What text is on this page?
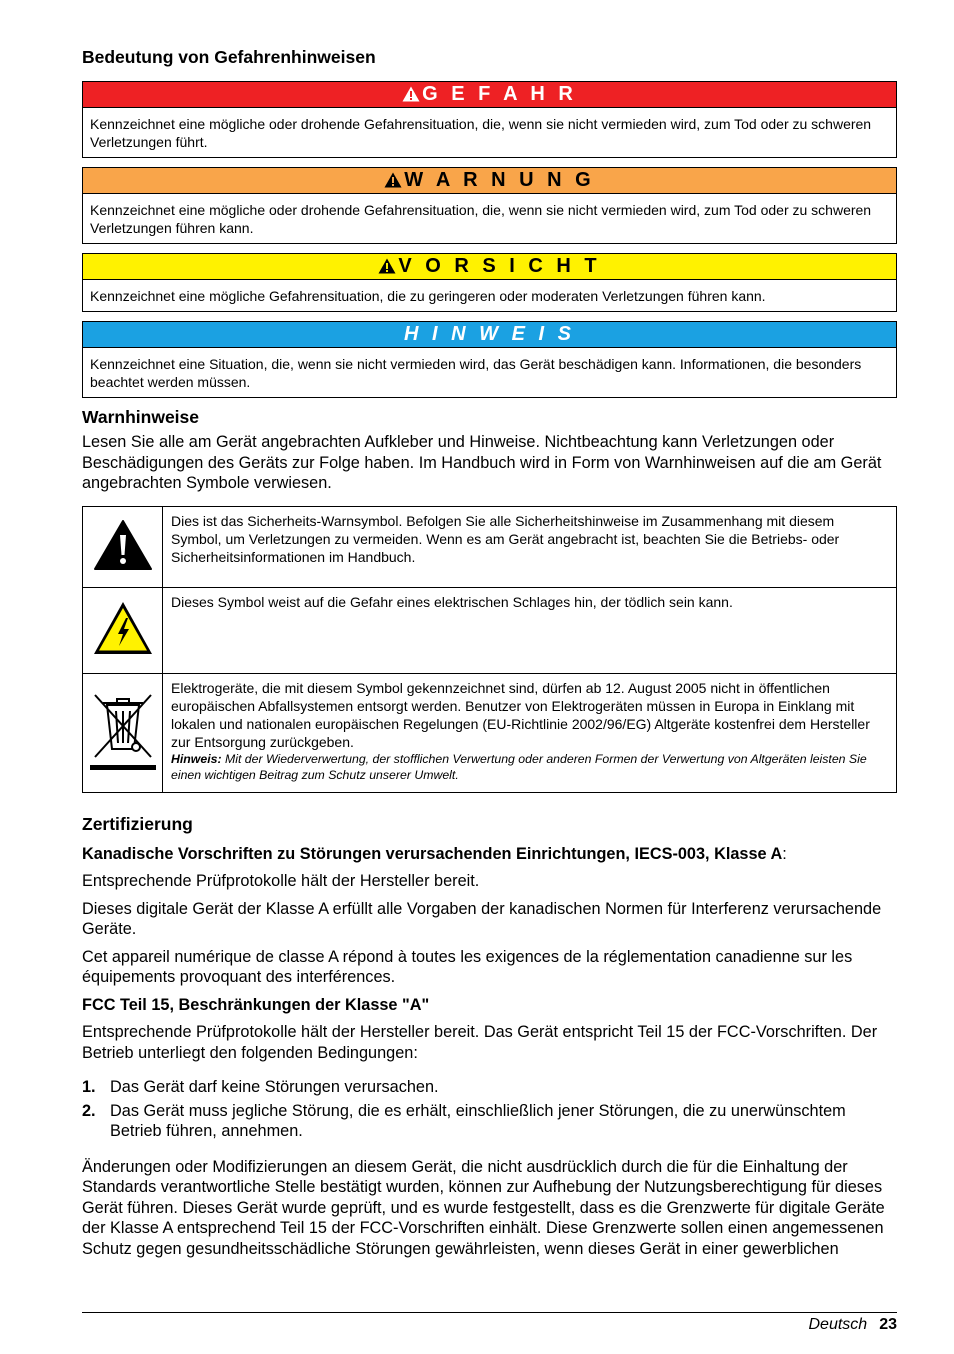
Bedeutung von Gefahrenhinweisen
G E F A H R
Kennzeichnet eine mögliche oder drohende Gefahrensituation, die, wenn sie nicht vermieden wird, zum Tod oder zu schweren Verletzungen führt.
W A R N U N G
Kennzeichnet eine mögliche oder drohende Gefahrensituation, die, wenn sie nicht vermieden wird, zum Tod oder zu schweren Verletzungen führen kann.
V O R S I C H T
Kennzeichnet eine mögliche Gefahrensituation, die zu geringeren oder moderaten Verletzungen führen kann.
H I N W E I S
Kennzeichnet eine Situation, die, wenn sie nicht vermieden wird, das Gerät beschädigen kann. Informationen, die besonders beachtet werden müssen.
Warnhinweise

Lesen Sie alle am Gerät angebrachten Aufkleber und Hinweise. Nichtbeachtung kann Verletzungen oder Beschädigungen des Geräts zur Folge haben. Im Handbuch wird in Form von Warnhinweisen auf die am Gerät angebrachten Symbole verwiesen.

	Dies ist das Sicherheits-Warnsymbol. Befolgen Sie alle Sicherheitshinweise im Zusammenhang mit diesem Symbol, um Verletzungen zu vermeiden. Wenn es am Gerät angebracht ist, beachten Sie die Betriebs- oder Sicherheitsinformationen im Handbuch.
	Dieses Symbol weist auf die Gefahr eines elektrischen Schlages hin, der tödlich sein kann.

Elektrogeräte, die mit diesem Symbol gekennzeichnet sind, dürfen ab 12. August 2005 nicht in öffentlichen europäischen Abfallsystemen entsorgt werden. Benutzer von Elektrogeräten müssen in Europa in Einklang mit lokalen und nationalen europäischen Regelungen (EU-Richtlinie 2002/96/EG) Altgeräte kostenfrei dem Hersteller zur Entsorgung zurückgeben.
Hinweis: Mit der Wiederverwertung, der stofflichen Verwertung oder anderen Formen der Verwertung von Altgeräten leisten Sie einen wichtigen Beitrag zum Schutz unserer Umwelt.
Zertifizierung

Kanadische Vorschriften zu Störungen verursachenden Einrichtungen, IECS-003, Klasse A:

Entsprechende Prüfprotokolle hält der Hersteller bereit.

Dieses digitale Gerät der Klasse A erfüllt alle Vorgaben der kanadischen Normen für Interferenz verursachende Geräte.

Cet appareil numérique de classe A répond à toutes les exigences de la réglementation canadienne sur les équipements provoquant des interférences.

FCC Teil 15, Beschränkungen der Klasse "A"

Entsprechende Prüfprotokolle hält der Hersteller bereit. Das Gerät entspricht Teil 15 der FCC-Vorschriften. Der Betrieb unterliegt den folgenden Bedingungen:

1. Das Gerät darf keine Störungen verursachen.
2. Das Gerät muss jegliche Störung, die es erhält, einschließlich jener Störungen, die zu unerwünschtem Betrieb führen, annehmen.

Änderungen oder Modifizierungen an diesem Gerät, die nicht ausdrücklich durch die für die Einhaltung der Standards verantwortliche Stelle bestätigt wurden, können zur Aufhebung der Nutzungsberechtigung für dieses Gerät führen. Dieses Gerät wurde geprüft, und es wurde festgestellt, dass es die Grenzwerte für digitale Geräte der Klasse A entsprechend Teil 15 der FCC-Vorschriften einhält. Diese Grenzwerte sollen einen angemessenen Schutz gegen gesundheitsschädliche Störungen gewährleisten, wenn dieses Gerät in einer gewerblichen

Deutsch 23
